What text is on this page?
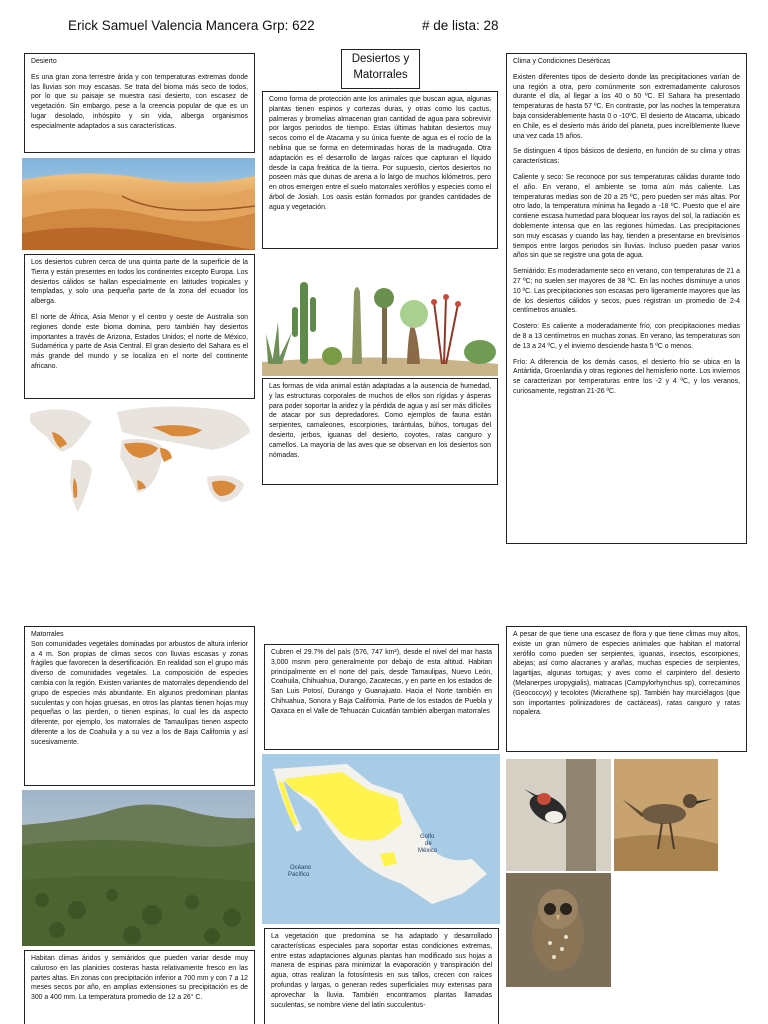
Erick Samuel Valencia Mancera Grp: 622	# de lista: 28
Desiertos y
Matorrales

Desierto

Es una gran zona terrestre árida y con temperaturas extremas donde las lluvias son muy escasas. Se trata del bioma más seco de todos, por lo que su paisaje se muestra casi desierto, con escasez de vegetación. Sin embargo, pese a la creencia popular de que es un lugar desolado, inhóspito y sin vida, alberga organismos especialmente adaptados a sus características.

Los desiertos cubren cerca de una quinta parte de la superficie de la Tierra y están presentes en todos los continentes excepto Europa. Los desiertos cálidos se hallan especialmente en latitudes tropicales y templadas, y solo una pequeña parte de la zona del ecuador los alberga.

El norte de África, Asia Menor y el centro y oeste de Australia son regiones donde este bioma domina, pero también hay desiertos importantes a través de Arizona, Estados Unidos; el norte de México, Sudamérica y parte de Asia Central. El gran desierto del Sahara es el más grande del mundo y se localiza en el norte del continente africano.

Como forma de protección ante los animales que buscan agua, algunas plantas tienen espinos y cortezas duras, y otras como los cactus, palmeras y bromelias almacenan gran cantidad de agua para sobrevivir por largos periodos de tiempo. Estas últimas habitan desiertos muy secos como el de Atacama y su única fuente de agua es el rocío de la neblina que se forma en determinadas horas de la madrugada. Otra adaptación es el desarrollo de largas raíces que capturan el líquido desde la capa freática de la tierra. Por supuesto, ciertos desiertos no poseen más que dunas de arena a lo largo de muchos kilómetros, pero en otros emergen entre el suelo matorrales xerófilos y especies como el árbol de Josiah. Los oasis están formados por grandes cantidades de agua y vegetación.

Las formas de vida animal están adaptadas a la ausencia de humedad, y las estructuras corporales de muchos de ellos son rígidas y ásperas para poder soportar la aridez y la pérdida de agua y así ser más difíciles de atacar por sus depredadores. Como ejemplos de fauna están serpientes, camaleones, escorpiones, tarántulas, búhos, tortugas del desierto, jerbos, iguanas del desierto, coyotes, ratas canguro y camellos. La mayoría de las aves que se observan en los desiertos son nómadas.

Clima y Condiciones Desérticas

Existen diferentes tipos de desierto donde las precipitaciones varían de una región a otra, pero comúnmente son extremadamente calurosos durante el día, al llegar a los 40 o 50 ºC. El Sahara ha presentado temperaturas de hasta 57 ºC. En contraste, por las noches la temperatura baja considerablemente hasta 0 o -10ºC. El desierto de Atacama, ubicado en Chile, es el desierto más árido del planeta, pues increíblemente llueve una vez cada 15 años.

Se distinguen 4 tipos básicos de desierto, en función de su clima y otras características:

Caliente y seco: Se reconoce por sus temperaturas cálidas durante todo el año. En verano, el ambiente se torna aún más caliente. Las temperaturas medias son de 20 a 25 ºC, pero pueden ser más altas. Por otro lado, la temperatura mínima ha llegado a -18 ºC. Puesto que el aire contiene escasa humedad para bloquear los rayos del sol, la radiación es doblemente intensa que en las regiones húmedas. Las precipitaciones son muy escasas y cuando las hay, tienden a presentarse en brevísimos tiempos entre largos periodos sin lluvias. Incluso pueden pasar varios años sin que se registre una gota de agua.

Semiárido: Es moderadamente seco en verano, con temperaturas de 21 a 27 ºC; no suelen ser mayores de 38 ºC. En las noches disminuye a unos 10 ºC. Las precipitaciones son escasas pero ligeramente mayores que las de los desiertos cálidos y secos, pues registran un promedio de 2-4 centímetros anuales.

Costero: Es caliente a moderadamente frío, con precipitaciones medias de 8 a 13 centímetros en muchas zonas. En verano, las temperaturas son de 13 a 24 ºC, y el invierno desciende hasta 5 ºC o menos.

Frío: A diferencia de los demás casos, el desierto frío se ubica en la Antártida, Groenlandia y otras regiones del hemisferio norte. Los inviernos se caracterizan por temperaturas entre los -2 y 4 ºC, y los veranos, curiosamente, registran 21-26 ºC.

Matorrales

Son comunidades vegetales dominadas por arbustos de altura inferior a 4 m. Son propias de climas secos con lluvias escasas y zonas frágiles que favorecen la desertificación. En realidad son el grupo más diverso de comunidades vegetales. La composición de especies cambia con la región. Existen variantes de matorrales dependiendo del grupo de especies más abundante. En algunos predominan plantas suculentas y con hojas gruesas, en otros las plantas tienen hojas muy pequeñas o las pierden, o tienen espinas, lo cual les da aspecto diferente, por ejemplo, los matorrales de Tamaulipas tienen aspecto diferente a los de Coahuila y a su vez a los de Baja California y así sucesivamente.

Habitan climas áridos y semiáridos que pueden variar desde muy caluroso en las planicies costeras hasta relativamente fresco en las partes altas. En zonas con precipitación inferior a 700 mm y con 7 a 12 meses secos por año, en amplias extensiones su precipitación es de 300 a 400 mm. La temperatura promedio de 12 a 26° C.

Cubren el 29.7% del país (576, 747 km²), desde el nivel del mar hasta 3,000 msnm pero generalmente por debajo de esta altitud. Habitan principalmente en el norte del país, desde Tamaulipas, Nuevo León, Coahuila, Chihuahua, Durango, Zacatecas, y en parte en los estados de San Luis Potosí, Durango y Guanajuato. Hacia el Norte también en Chihuahua, Sonora y Baja California. Parte de los estados de Puebla y Oaxaca en el Valle de Tehuacán Cuicatlán también albergan matorrales

Golfo
de
México
Océano
Pacífico

La vegetación que predomina se ha adaptado y desarrollado características especiales para soportar estas condiciones extremas, entre estas adaptaciones algunas plantas han modificado sus hojas a manera de espinas para minimizar la evaporación y transpiración del agua, otras realizan la fotosíntesis en sus tallos, crecen con raíces profundas y largas, o generan redes superficiales muy extensas para aprovechar la lluvia. También encontramos plantas llamadas suculentas, se nombre viene del latín succulentus-

A pesar de que tiene una escasez de flora y que tiene climas muy altos, existe un gran número de especies animales que habitan el matorral xerófilo como pueden ser serpientes, iguanas, insectos, escorpiones, abejas; así como alacranes y arañas, muchas especies de serpientes, lagartijas, algunas tortugas; y aves como el carpintero del desierto (Melanerpes uropygialis), matracas (Campylorhynchus sp), correcaminos (Geococcyx) y tecolotes (Micrathene sp). También hay murciélagos (que son importantes polinizadores de cactáceas), ratas canguro y ratas nopalera.
